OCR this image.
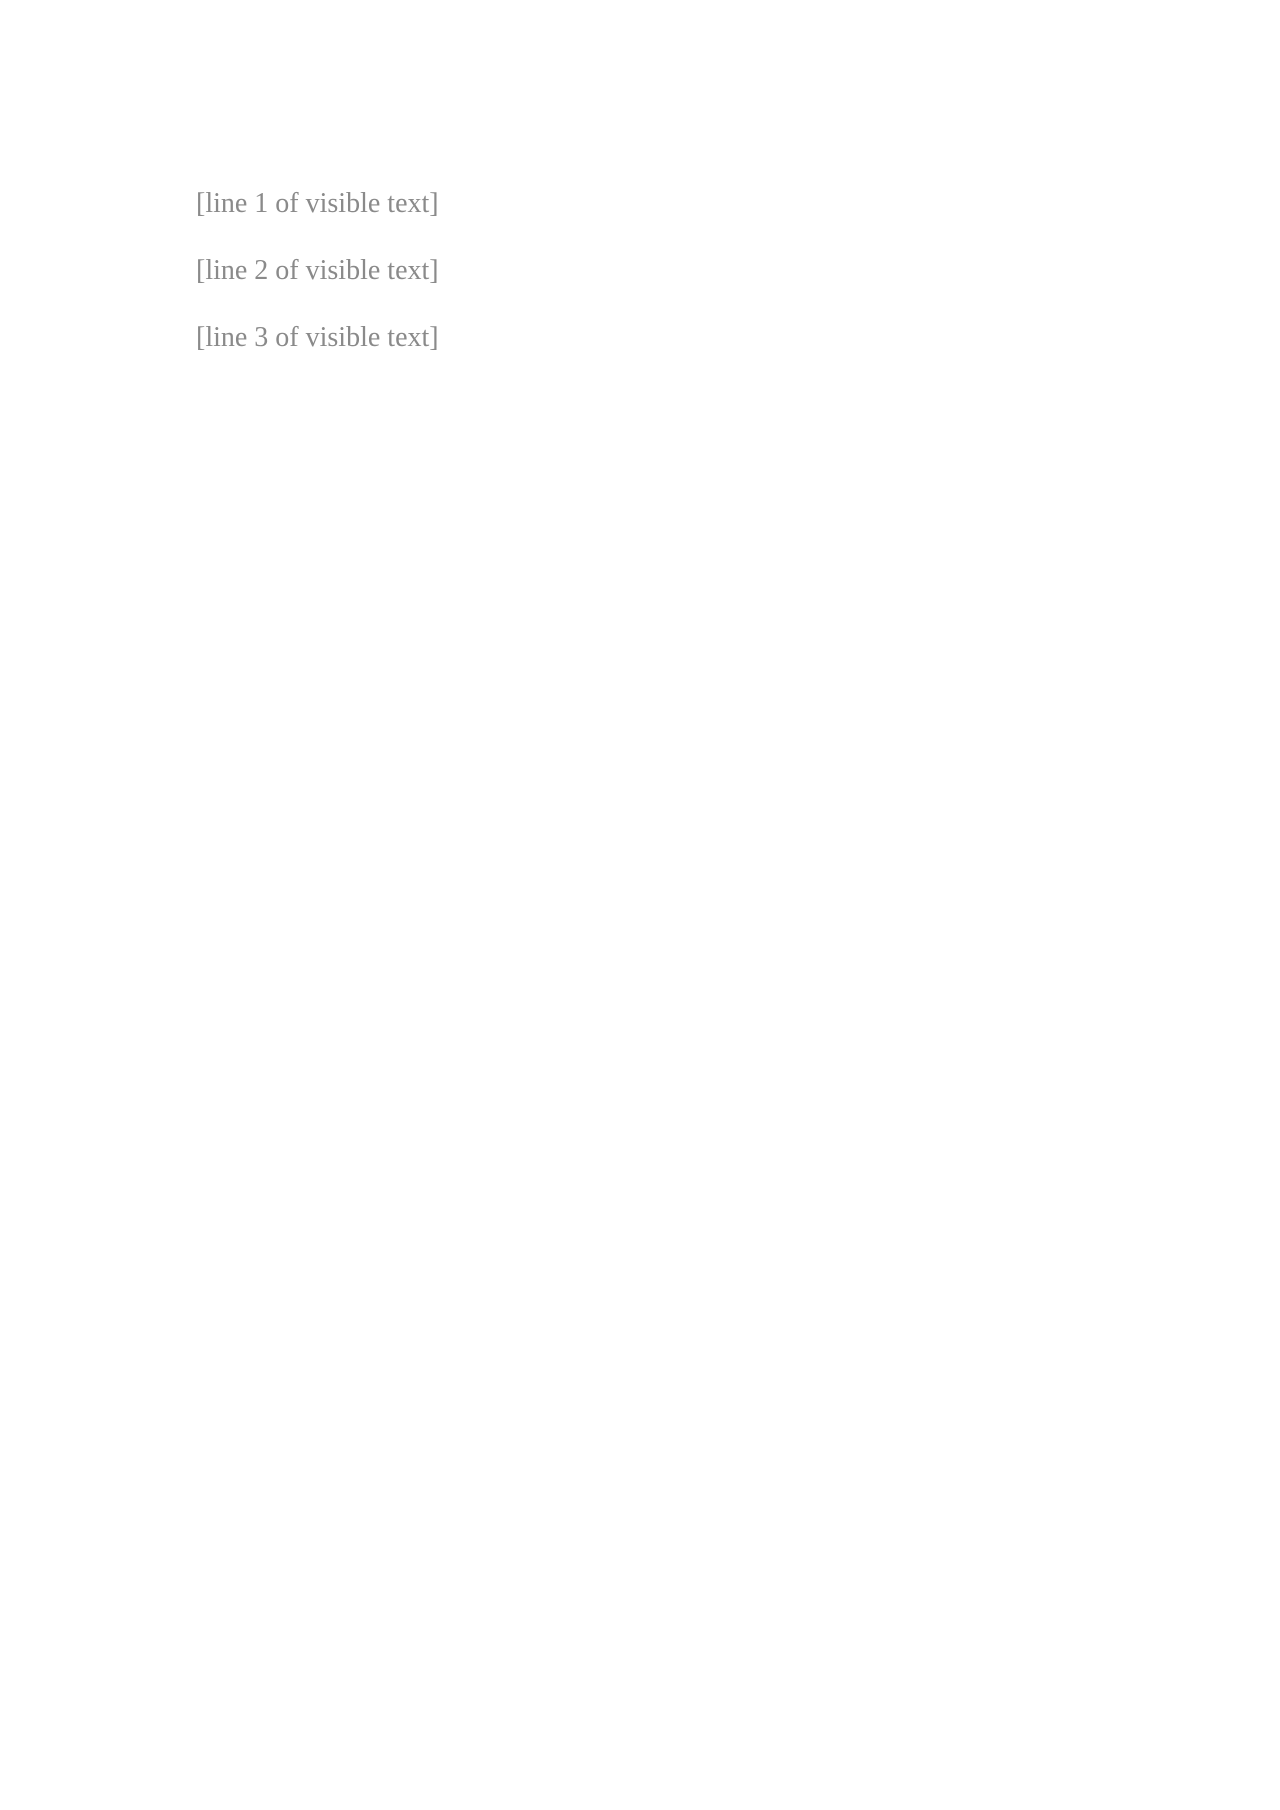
[line 1 of visible text]

[line 2 of visible text]

[line 3 of visible text]
